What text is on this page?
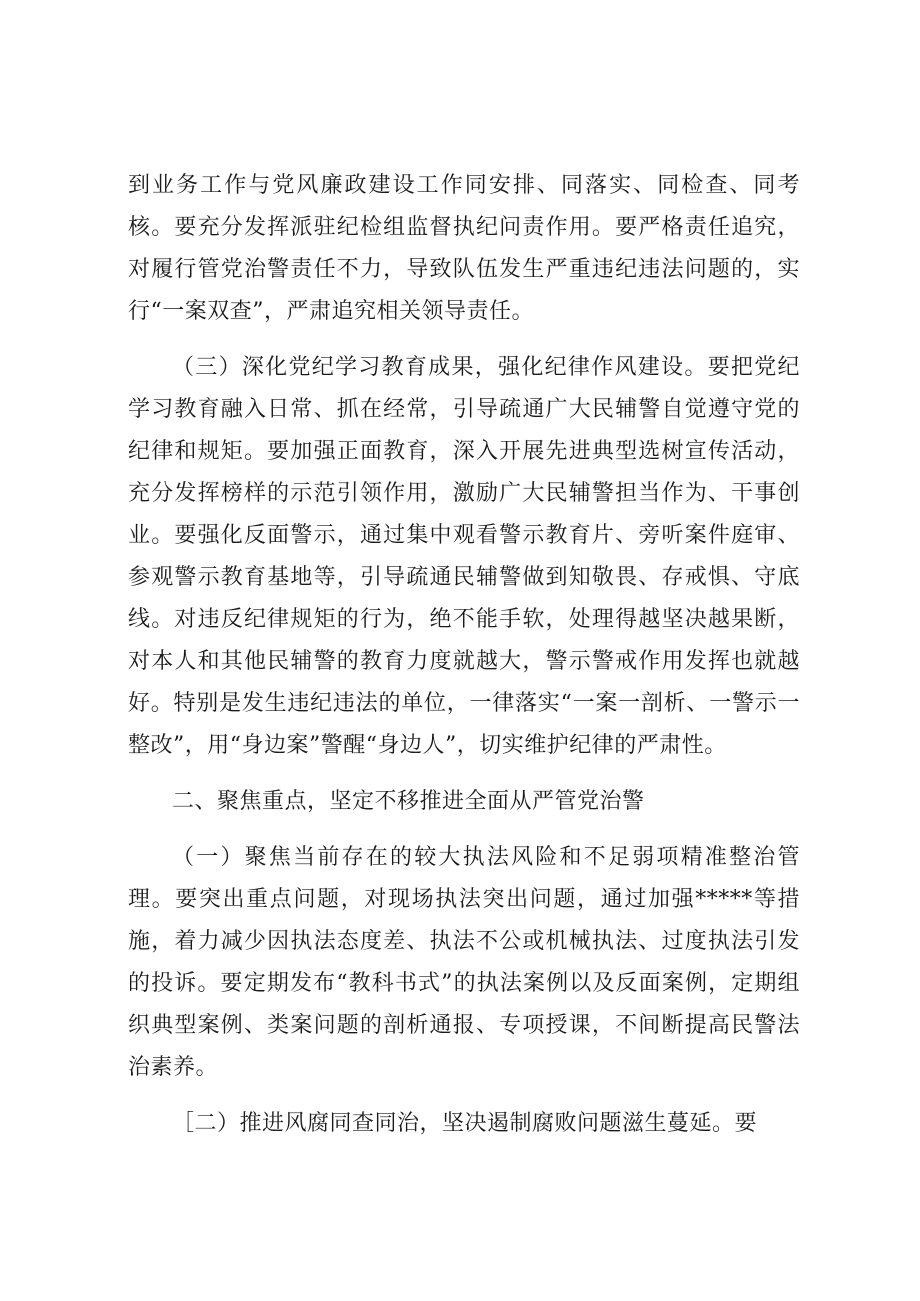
到业务工作与党风廉政建设工作同安排、同落实、同检查、同考核。要充分发挥派驻纪检组监督执纪问责作用。要严格责任追究，对履行管党治警责任不力，导致队伍发生严重违纪违法问题的，实行“一案双查”，严肃追究相关领导责任。

（三）深化党纪学习教育成果，强化纪律作风建设。要把党纪学习教育融入日常、抓在经常，引导疏通广大民辅警自觉遵守党的纪律和规矩。要加强正面教育，深入开展先进典型选树宣传活动，充分发挥榜样的示范引领作用，激励广大民辅警担当作为、干事创业。要强化反面警示，通过集中观看警示教育片、旁听案件庭审、参观警示教育基地等，引导疏通民辅警做到知敬畏、存戒惧、守底线。对违反纪律规矩的行为，绝不能手软，处理得越坚决越果断，对本人和其他民辅警的教育力度就越大，警示警戒作用发挥也就越好。特别是发生违纪违法的单位，一律落实“一案一剖析、一警示一整改”，用“身边案”警醒“身边人”，切实维护纪律的严肃性。

二、聚焦重点，坚定不移推进全面从严管党治警

（一）聚焦当前存在的较大执法风险和不足弱项精准整治管理。要突出重点问题，对现场执法突出问题，通过加强*****等措施，着力减少因执法态度差、执法不公或机械执法、过度执法引发的投诉。要定期发布“教科书式”的执法案例以及反面案例，定期组织典型案例、类案问题的剖析通报、专项授课，不间断提高民警法治素养。

［二）推进风腐同查同治，坚决遏制腐败问题滋生蔓延。要
